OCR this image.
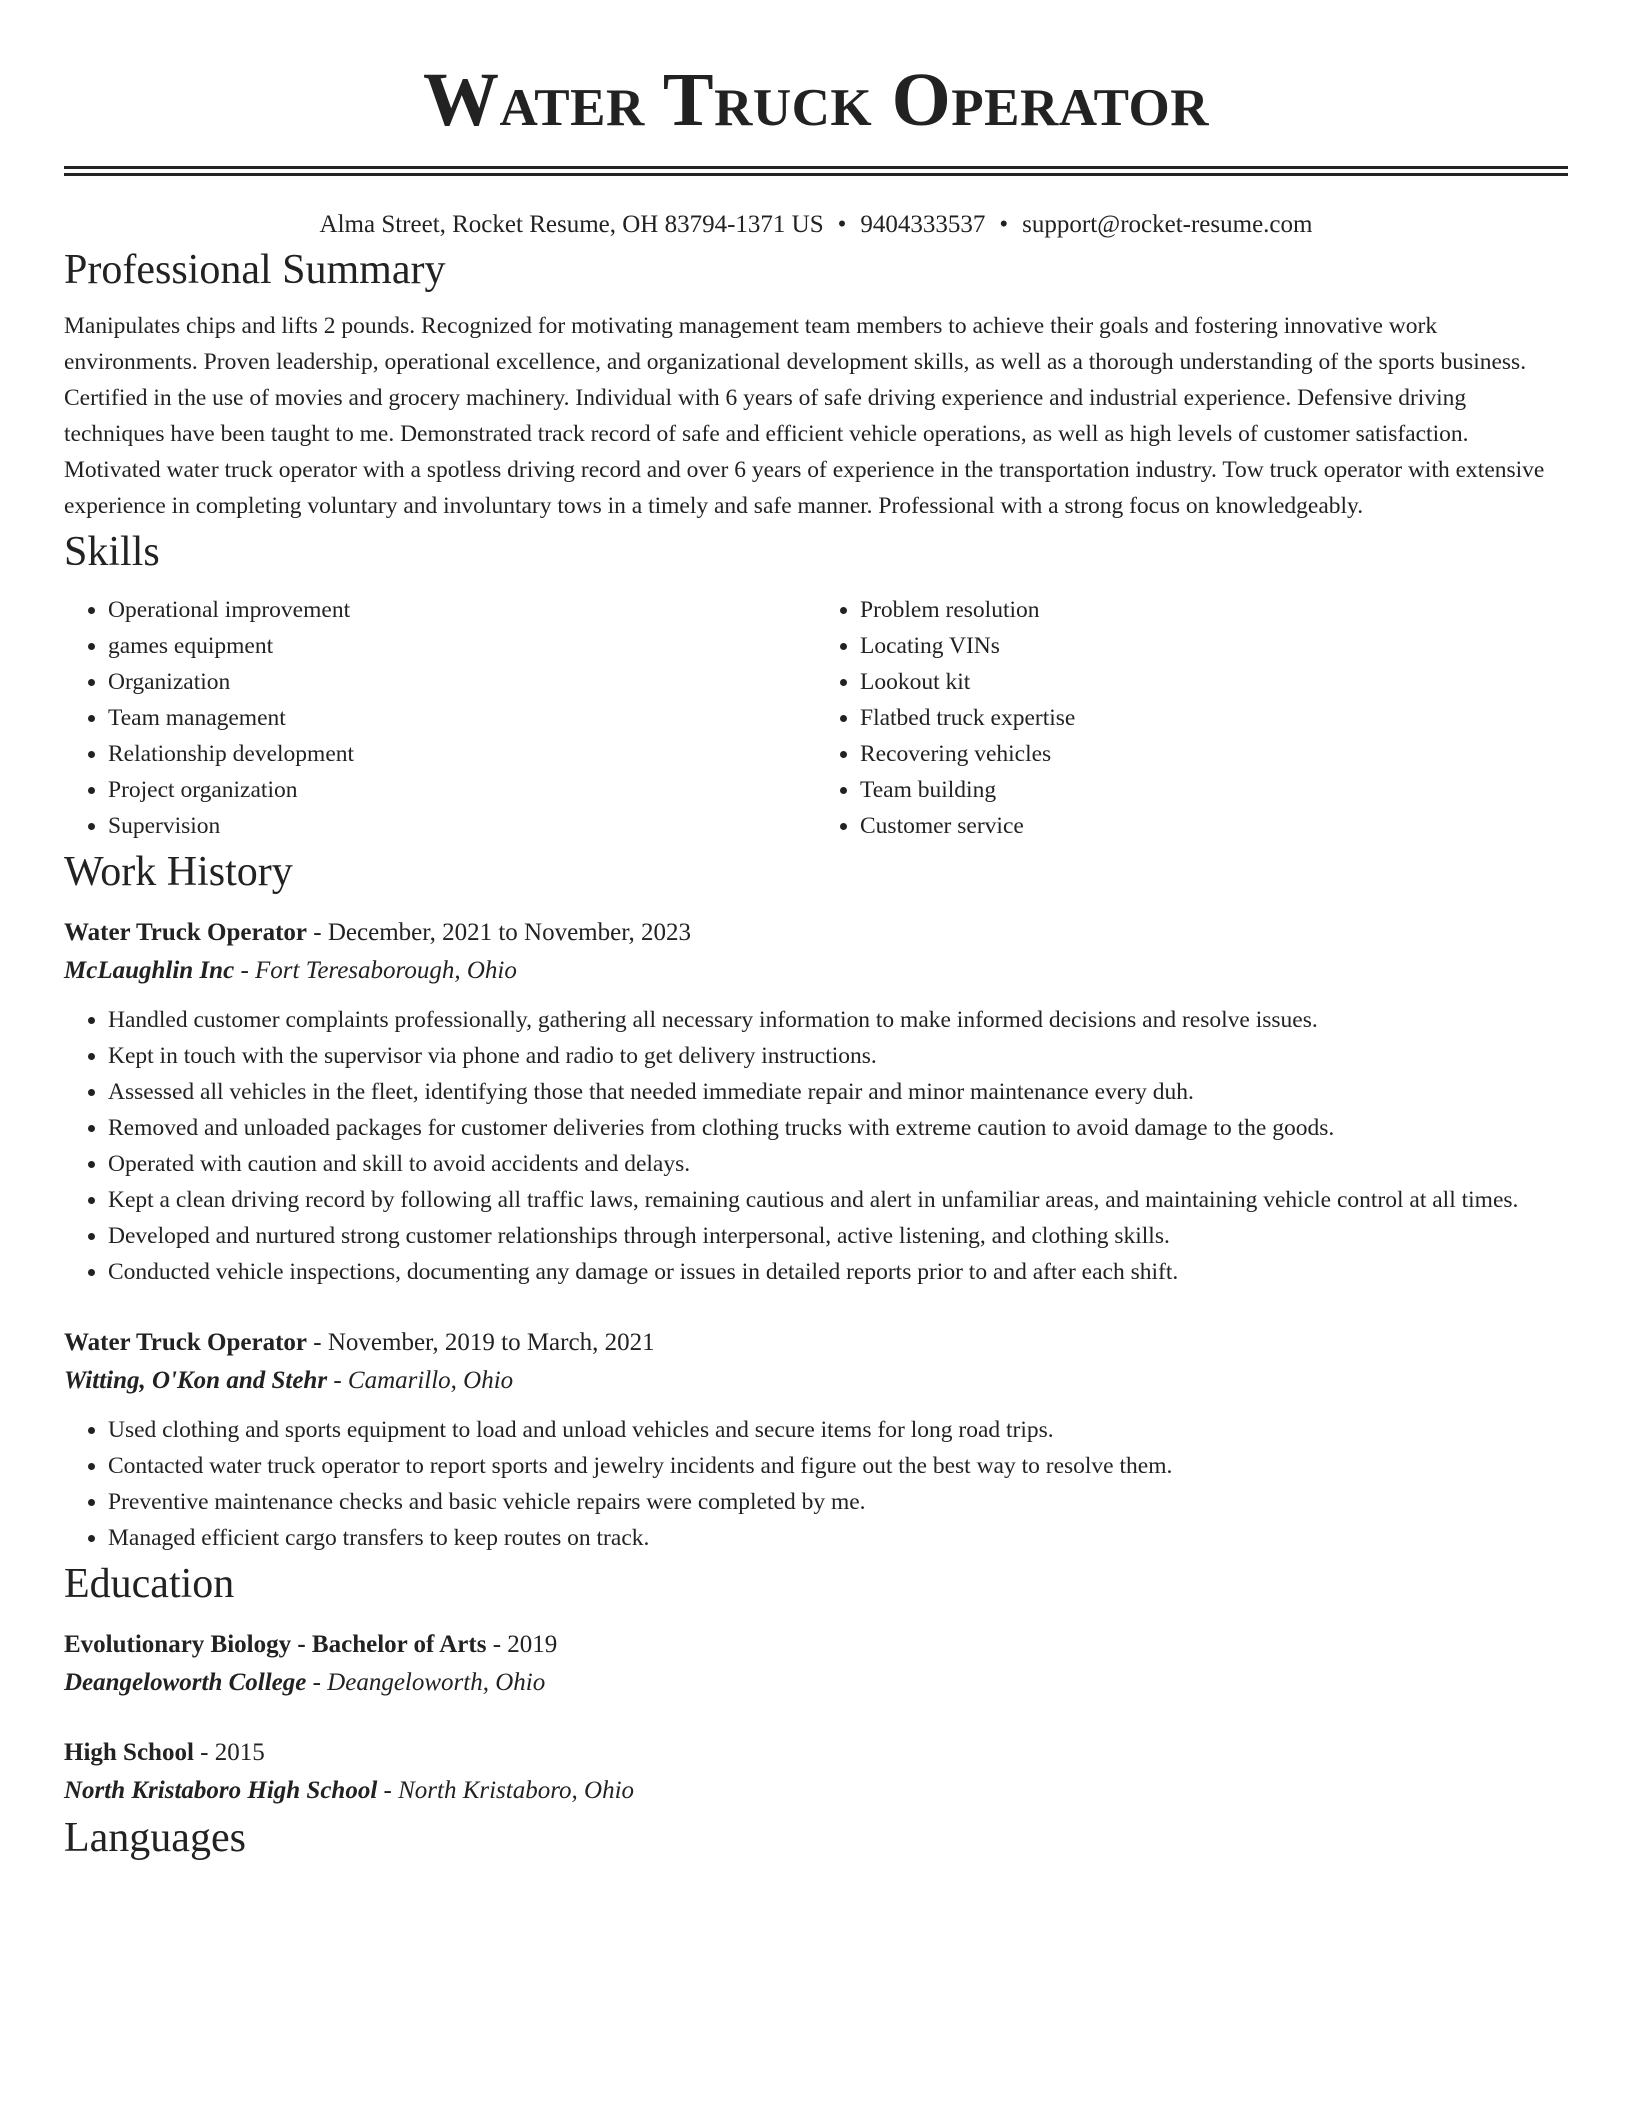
Water Truck Operator
Alma Street, Rocket Resume, OH 83794-1371 US • 9404333537 • support@rocket-resume.com
Professional Summary

Manipulates chips and lifts 2 pounds. Recognized for motivating management team members to achieve their goals and fostering innovative work environments. Proven leadership, operational excellence, and organizational development skills, as well as a thorough understanding of the sports business. Certified in the use of movies and grocery machinery. Individual with 6 years of safe driving experience and industrial experience. Defensive driving techniques have been taught to me. Demonstrated track record of safe and efficient vehicle operations, as well as high levels of customer satisfaction. Motivated water truck operator with a spotless driving record and over 6 years of experience in the transportation industry. Tow truck operator with extensive experience in completing voluntary and involuntary tows in a timely and safe manner. Professional with a strong focus on knowledgeably.

Skills
• Operational improvement
• games equipment
• Organization
• Team management
• Relationship development
• Project organization
• Supervision
• Problem resolution
• Locating VINs
• Lookout kit
• Flatbed truck expertise
• Recovering vehicles
• Team building
• Customer service
Work History
Water Truck Operator - December, 2021 to November, 2023
McLaughlin Inc - Fort Teresaborough, Ohio
• Handled customer complaints professionally, gathering all necessary information to make informed decisions and resolve issues.
• Kept in touch with the supervisor via phone and radio to get delivery instructions.
• Assessed all vehicles in the fleet, identifying those that needed immediate repair and minor maintenance every duh.
• Removed and unloaded packages for customer deliveries from clothing trucks with extreme caution to avoid damage to the goods.
• Operated with caution and skill to avoid accidents and delays.
• Kept a clean driving record by following all traffic laws, remaining cautious and alert in unfamiliar areas, and maintaining vehicle control at all times.
• Developed and nurtured strong customer relationships through interpersonal, active listening, and clothing skills.
• Conducted vehicle inspections, documenting any damage or issues in detailed reports prior to and after each shift.
Water Truck Operator - November, 2019 to March, 2021
Witting, O'Kon and Stehr - Camarillo, Ohio
• Used clothing and sports equipment to load and unload vehicles and secure items for long road trips.
• Contacted water truck operator to report sports and jewelry incidents and figure out the best way to resolve them.
• Preventive maintenance checks and basic vehicle repairs were completed by me.
• Managed efficient cargo transfers to keep routes on track.
Education
Evolutionary Biology - Bachelor of Arts - 2019
Deangeloworth College - Deangeloworth, Ohio
High School - 2015
North Kristaboro High School - North Kristaboro, Ohio
Languages
